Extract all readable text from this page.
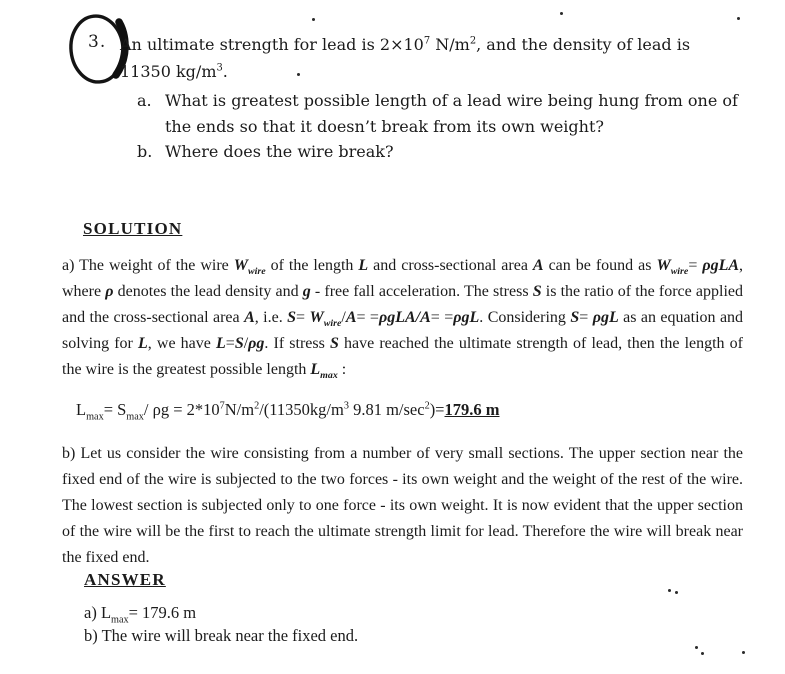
3. An ultimate strength for lead is $2\times 10^7$ $N/m^2$, and the density of lead is 11350 $kg/m^3$.
a. What is greatest possible length of a lead wire being hung from one of the ends so that it doesn’t break from its own weight?
b. Where does the wire break?
SOLUTION
a) The weight of the wire $W_{wire}$ of the length L and cross-sectional area A can be found as $W_{wire}= \rho gLA$, where ρ denotes the lead density and g - free fall acceleration. The stress S is the ratio of the force applied and the cross-sectional area A, i.e. $S= W_{wire}/A= =\rho gLA/A= =\rho gL$. Considering S= ρgL as an equation and solving for L, we have L=S/ρg. If stress S have reached the ultimate strength of lead, then the length of the wire is the greatest possible length $L_{max}$ :
$L_{max}= S_{max}/$ $\rho g = 2*10^7N/m^2/(11350kg/m^3$ 9.81 $m/\sec^2)=179.6$ m
b) Let us consider the wire consisting from a number of very small sections. The upper section near the fixed end of the wire is subjected to the two forces - its own weight and the weight of the rest of the wire. The lowest section is subjected only to one force - its own weight. It is now evident that the upper section of the wire will be the first to reach the ultimate strength limit for lead. Therefore the wire will break near the fixed end.
ANSWER
a) $L_{max}= 179.6$ m
b) The wire will break near the fixed end.
